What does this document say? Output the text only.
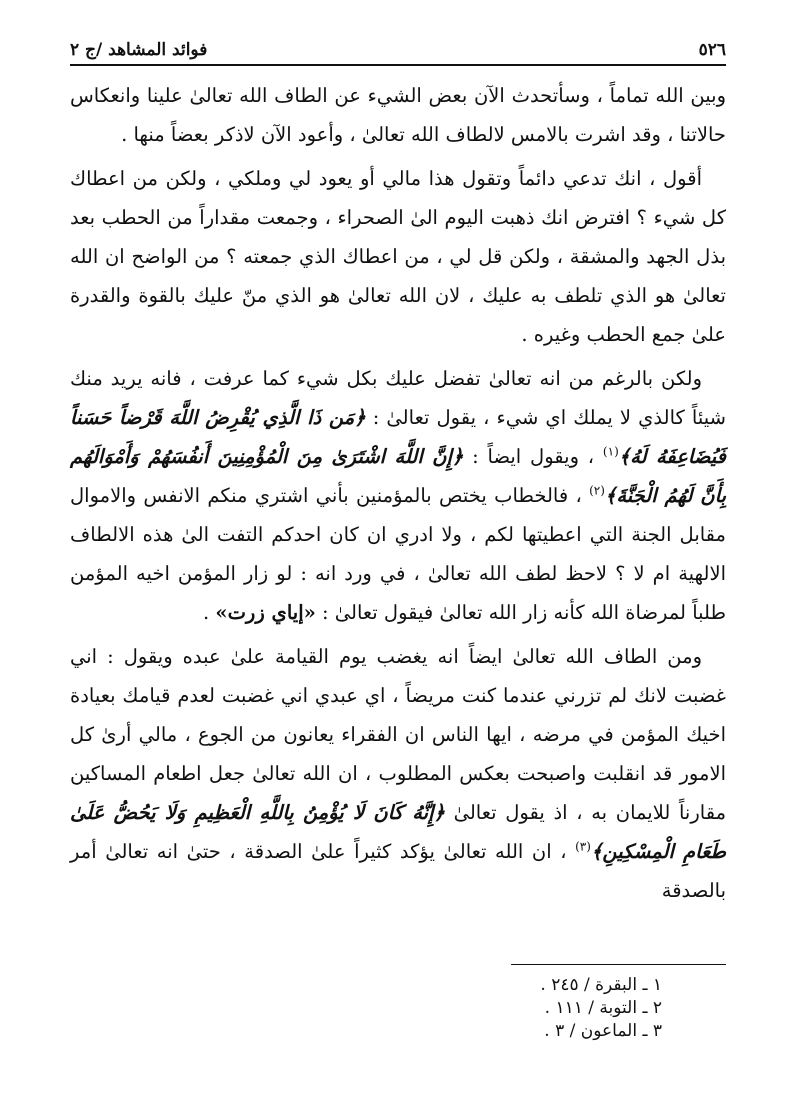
٥٢٦
فوائد المشاهد /ج ٢

وبين الله تماماً ، وسأتحدث الآن بعض الشيء عن الطاف الله تعالىٰ علينا وانعكاس حالاتنا ، وقد اشرت بالامس لالطاف الله تعالىٰ ، وأعود الآن لاذكر بعضاً منها .

أقول ، انك تدعي دائماً وتقول هذا مالي أو يعود لي وملكي ، ولكن من اعطاك كل شيء ؟ افترض انك ذهبت اليوم الىٰ الصحراء ، وجمعت مقداراً من الحطب بعد بذل الجهد والمشقة ، ولكن قل لي ، من اعطاك الذي جمعته ؟ من الواضح ان الله تعالىٰ هو الذي تلطف به عليك ، لان الله تعالىٰ هو الذي منّ عليك بالقوة والقدرة علىٰ جمع الحطب وغيره .

ولكن بالرغم من انه تعالىٰ تفضل عليك بكل شيء كما عرفت ، فانه يريد منك شيئاً كالذي لا يملك اي شيء ، يقول تعالىٰ : ﴿مَن ذَا الَّذِي يُقْرِضُ اللَّهَ قَرْضاً حَسَناً فَيُضَاعِفَهُ لَهُ﴾$^{(١)}$ ، ويقول ايضاً : ﴿إِنَّ اللَّهَ اشْتَرَىٰ مِنَ الْمُؤْمِنِينَ أَنفُسَهُمْ وَأَمْوَالَهُم بِأَنَّ لَهُمُ الْجَنَّةَ﴾$^{(٢)}$ ، فالخطاب يختص بالمؤمنين بأني اشتري منكم الانفس والاموال مقابل الجنة التي اعطيتها لكم ، ولا ادري ان كان احدكم التفت الىٰ هذه الالطاف الالهية ام لا ؟ لاحظ لطف الله تعالىٰ ، في ورد انه : لو زار المؤمن اخيه المؤمن طلباً لمرضاة الله كأنه زار الله تعالىٰ فيقول تعالىٰ : «إياي زرت» .

ومن الطاف الله تعالىٰ ايضاً انه يغضب يوم القيامة علىٰ عبده ويقول : اني غضبت لانك لم تزرني عندما كنت مريضاً ، اي عبدي اني غضبت لعدم قيامك بعيادة اخيك المؤمن في مرضه ، ايها الناس ان الفقراء يعانون من الجوع ، مالي أرىٰ كل الامور قد انقلبت واصبحت بعكس المطلوب ، ان الله تعالىٰ جعل اطعام المساكين مقارناً للايمان به ، اذ يقول تعالىٰ ﴿إِنَّهُ كَانَ لَا يُؤْمِنُ بِاللَّهِ الْعَظِيمِ وَلَا يَحُضُّ عَلَىٰ طَعَامِ الْمِسْكِينِ﴾$^{(٣)}$ ، ان الله تعالىٰ يؤكد كثيراً علىٰ الصدقة ، حتىٰ انه تعالىٰ أمر بالصدقة

١ ـ البقرة / ٢٤٥ .
٢ ـ التوبة / ١١١ .
٣ ـ الماعون / ٣ .
